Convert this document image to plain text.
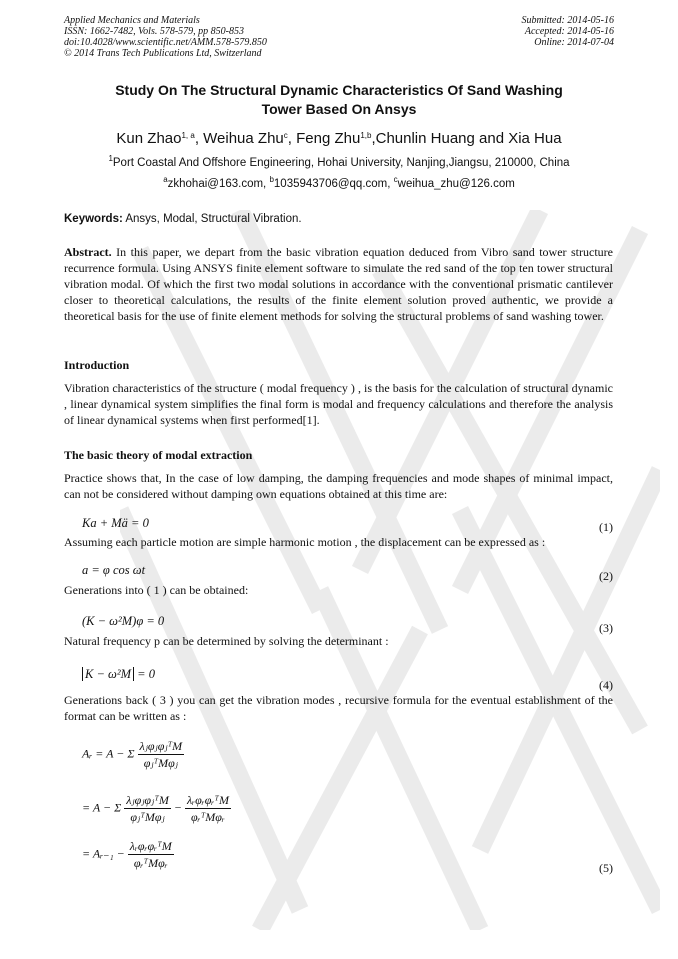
Applied Mechanics and Materials
ISSN: 1662-7482, Vols. 578-579, pp 850-853
doi:10.4028/www.scientific.net/AMM.578-579.850
© 2014 Trans Tech Publications Ltd, Switzerland
Submitted: 2014-05-16
Accepted: 2014-05-16
Online: 2014-07-04
Study On The Structural Dynamic Characteristics Of Sand Washing
Tower Based On Ansys
Kun Zhao$^{1, a}$, Weihua Zhu$^c$, Feng Zhu$^{1,b}$,Chunlin Huang and Xia Hua
$^1$Port Coastal And Offshore Engineering, Hohai University, Nanjing,Jiangsu, 210000, China
$^a$zkhohai@163.com, $^b$1035943706@qq.com, $^c$weihua_zhu@126.com
Keywords: Ansys, Modal, Structural Vibration.
Abstract. In this paper, we depart from the basic vibration equation deduced from Vibro sand tower structure recurrence formula. Using ANSYS finite element software to simulate the red sand of the top ten tower structural vibration modal. Of which the first two modal solutions in accordance with the conventional prismatic cantilever closer to theoretical calculations, the results of the finite element solution proved authentic, we provide a theoretical basis for the use of finite element methods for solving the structural problems of sand washing tower.
Introduction
Vibration characteristics of the structure ( modal frequency ) , is the basis for the calculation of structural dynamic , linear dynamical system simplifies the final form is modal and frequency calculations and therefore the analysis of linear dynamical systems when first performed[1].
The basic theory of modal extraction
Practice shows that, In the case of low damping, the damping frequencies and mode shapes of minimal impact, can not be considered without damping own equations obtained at this time are:
Ka + Mä = 0	(1)
Assuming each particle motion are simple harmonic motion , the displacement can be expressed as :
a = φ cos ωt	(2)
Generations into ( 1 ) can be obtained:
(K − ω²M)φ = 0	(3)
Natural frequency p can be determined by solving the determinant :
K − ω²M = 0
(4)
Generations back ( 3 ) you can get the vibration modes , recursive formula for the eventual establishment of the format can be written as :
Aᵣ = A − Σ $\frac{\text{λⱼφⱼφⱼᵀM}}{\text{φⱼᵀMφⱼ}}$
= A − Σ $\frac{\text{λⱼφⱼφⱼᵀM}}{\text{φⱼᵀMφⱼ}} - \frac{\text{λᵣφᵣφᵣᵀM}}{\text{φᵣᵀMφᵣ}}$
= Aᵣ₋₁ − $\frac{\text{λᵣφᵣφᵣᵀM}}{\text{φᵣᵀMφᵣ}}$	(5)
